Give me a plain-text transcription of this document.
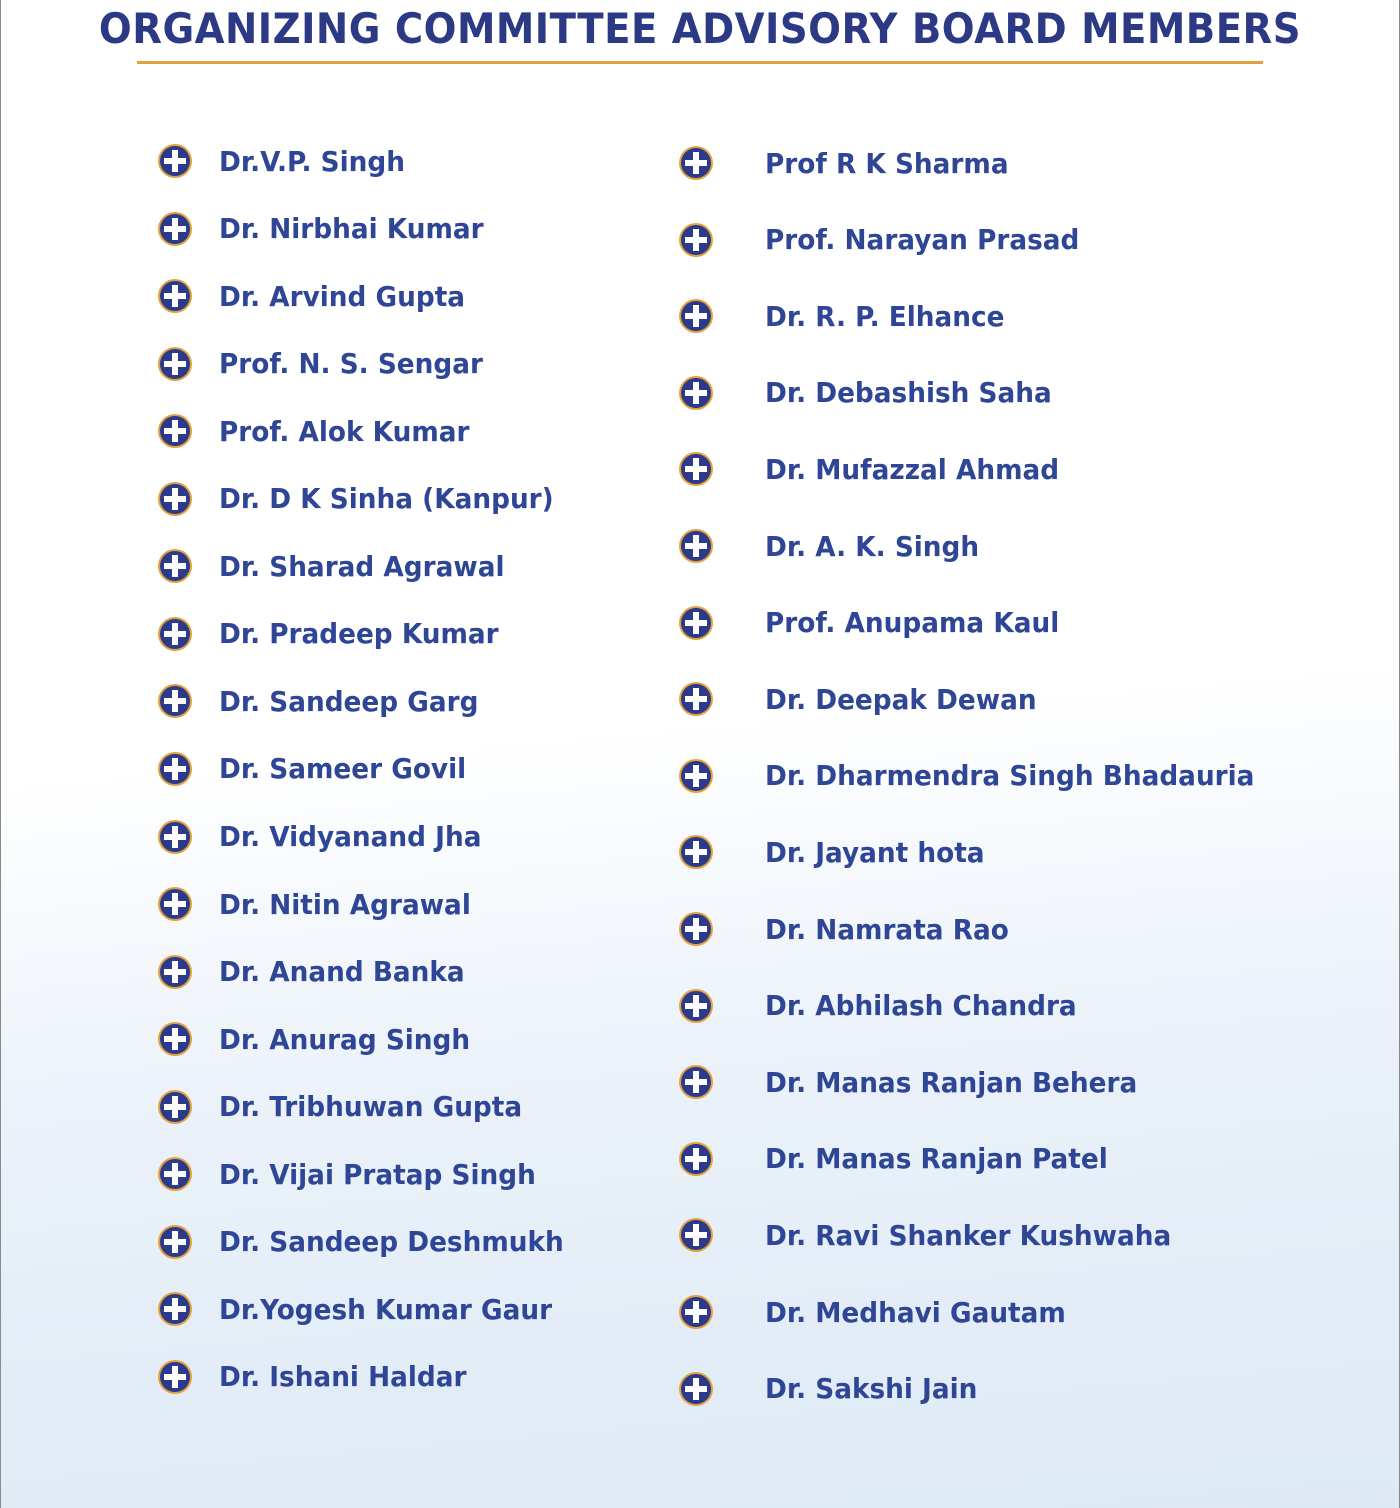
ORGANIZING COMMITTEE ADVISORY BOARD MEMBERS
Dr.V.P. Singh
Dr. Nirbhai Kumar
Dr. Arvind Gupta
Prof. N. S. Sengar
Prof. Alok Kumar
Dr. D K Sinha (Kanpur)
Dr. Sharad Agrawal
Dr. Pradeep Kumar
Dr. Sandeep Garg
Dr. Sameer Govil
Dr. Vidyanand Jha
Dr. Nitin Agrawal
Dr. Anand Banka
Dr. Anurag Singh
Dr. Tribhuwan Gupta
Dr. Vijai Pratap Singh
Dr. Sandeep Deshmukh
Dr.Yogesh Kumar Gaur
Dr. Ishani Haldar
Prof R K Sharma
Prof. Narayan Prasad
Dr. R. P. Elhance
Dr. Debashish Saha
Dr. Mufazzal Ahmad
Dr. A. K. Singh
Prof. Anupama Kaul
Dr. Deepak Dewan
Dr. Dharmendra Singh Bhadauria
Dr. Jayant hota
Dr. Namrata Rao
Dr. Abhilash Chandra
Dr. Manas Ranjan Behera
Dr. Manas Ranjan Patel
Dr. Ravi Shanker Kushwaha
Dr. Medhavi Gautam
Dr. Sakshi Jain
